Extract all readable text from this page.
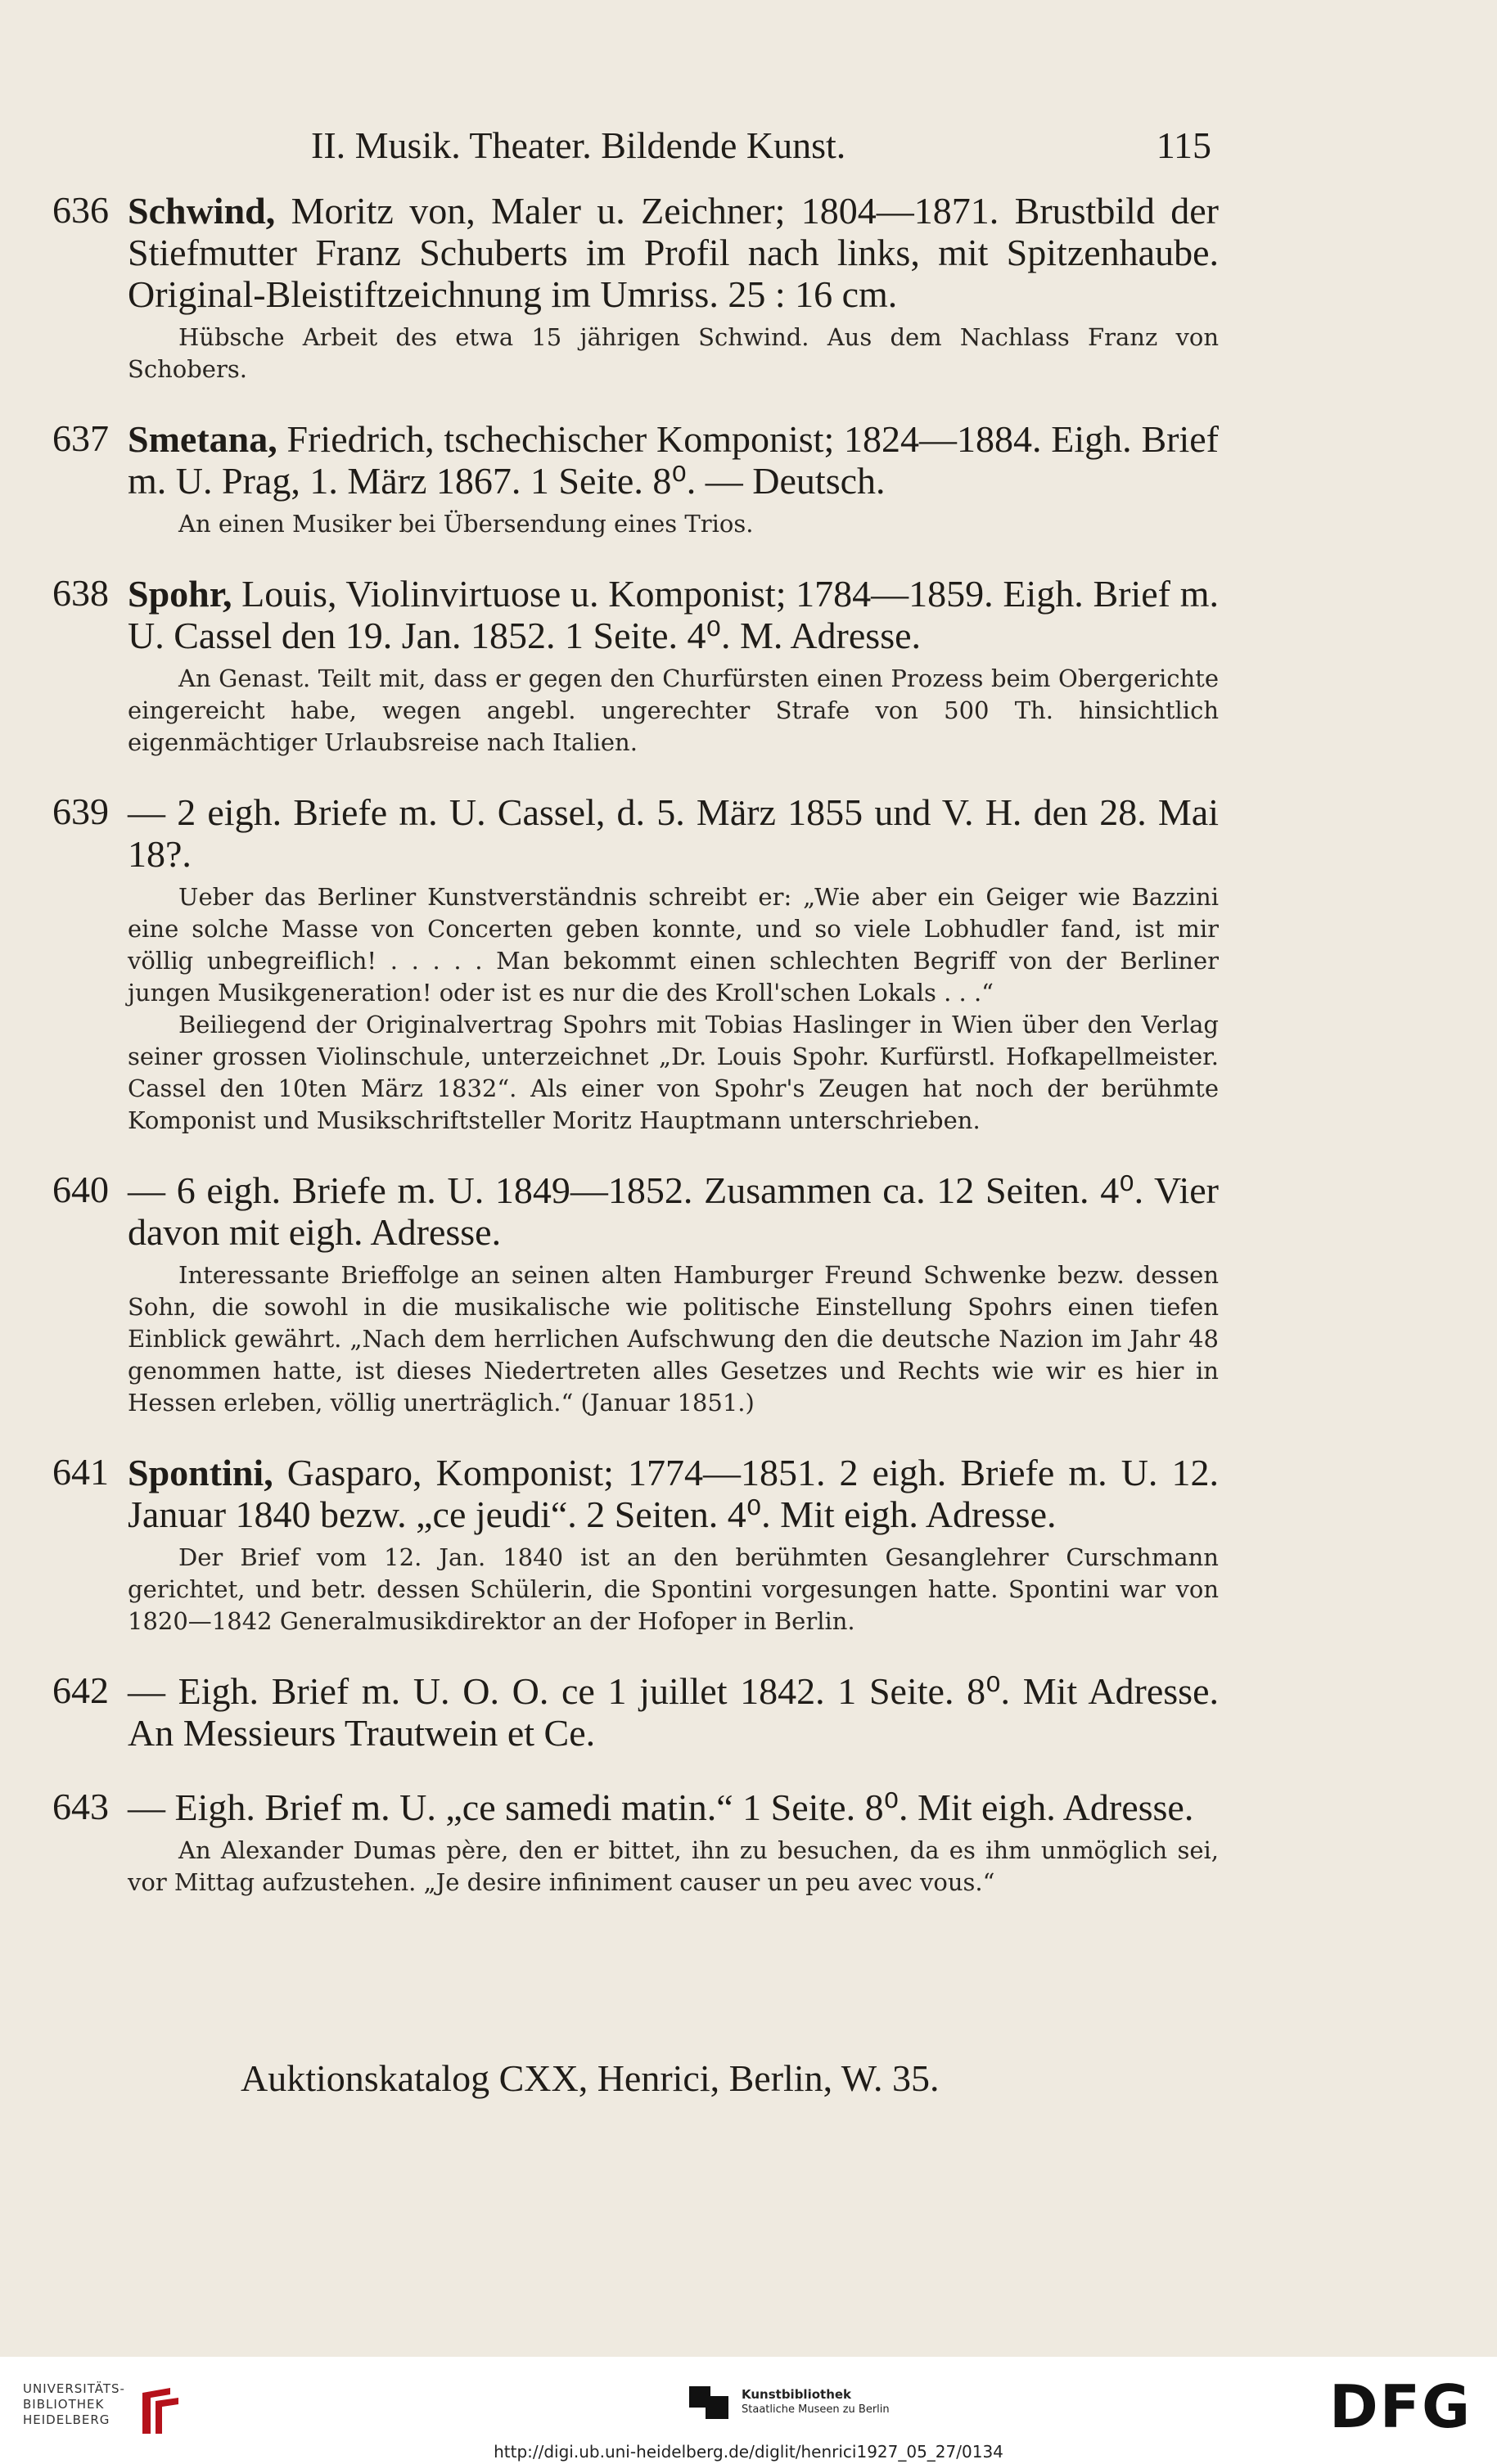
II. Musik. Theater. Bildende Kunst.	115
636 Schwind, Moritz von, Maler u. Zeichner; 1804—1871. Brustbild der Stiefmutter Franz Schuberts im Profil nach links, mit Spitzenhaube. Original-Bleistiftzeichnung im Umriss. 25 : 16 cm.
Hübsche Arbeit des etwa 15 jährigen Schwind. Aus dem Nachlass Franz von Schobers.
637 Smetana, Friedrich, tschechischer Komponist; 1824—1884. Eigh. Brief m. U. Prag, 1. März 1867. 1 Seite. 8⁰. — Deutsch.
An einen Musiker bei Übersendung eines Trios.
638 Spohr, Louis, Violinvirtuose u. Komponist; 1784—1859. Eigh. Brief m. U. Cassel den 19. Jan. 1852. 1 Seite. 4⁰. M. Adresse.
An Genast. Teilt mit, dass er gegen den Churfürsten einen Prozess beim Obergerichte eingereicht habe, wegen angebl. ungerechter Strafe von 500 Th. hinsichtlich eigenmächtiger Urlaubsreise nach Italien.
639 — 2 eigh. Briefe m. U. Cassel, d. 5. März 1855 und V. H. den 28. Mai 18?.
Ueber das Berliner Kunstverständnis schreibt er: „Wie aber ein Geiger wie Bazzini eine solche Masse von Concerten geben konnte, und so viele Lobhudler fand, ist mir völlig unbegreiflich! . . . . . Man bekommt einen schlechten Begriff von der Berliner jungen Musikgeneration! oder ist es nur die des Kroll'schen Lokals . . .“
Beiliegend der Originalvertrag Spohrs mit Tobias Haslinger in Wien über den Verlag seiner grossen Violinschule, unterzeichnet „Dr. Louis Spohr. Kurfürstl. Hofkapellmeister. Cassel den 10ten März 1832“. Als einer von Spohr's Zeugen hat noch der berühmte Komponist und Musikschriftsteller Moritz Hauptmann unterschrieben.
640 — 6 eigh. Briefe m. U. 1849—1852. Zusammen ca. 12 Seiten. 4⁰. Vier davon mit eigh. Adresse.
Interessante Brieffolge an seinen alten Hamburger Freund Schwenke bezw. dessen Sohn, die sowohl in die musikalische wie politische Einstellung Spohrs einen tiefen Einblick gewährt. „Nach dem herrlichen Aufschwung den die deutsche Nazion im Jahr 48 genommen hatte, ist dieses Niedertreten alles Gesetzes und Rechts wie wir es hier in Hessen erleben, völlig unerträglich.“ (Januar 1851.)
641 Spontini, Gasparo, Komponist; 1774—1851. 2 eigh. Briefe m. U. 12. Januar 1840 bezw. „ce jeudi“. 2 Seiten. 4⁰. Mit eigh. Adresse.
Der Brief vom 12. Jan. 1840 ist an den berühmten Gesanglehrer Curschmann gerichtet, und betr. dessen Schülerin, die Spontini vorgesungen hatte. Spontini war von 1820—1842 Generalmusikdirektor an der Hofoper in Berlin.
642 — Eigh. Brief m. U. O. O. ce 1 juillet 1842. 1 Seite. 8⁰. Mit Adresse. An Messieurs Trautwein et Ce.
643 — Eigh. Brief m. U. „ce samedi matin.“ 1 Seite. 8⁰. Mit eigh. Adresse.
An Alexander Dumas père, den er bittet, ihn zu besuchen, da es ihm unmöglich sei, vor Mittag aufzustehen. „Je desire infiniment causer un peu avec vous.“
Auktionskatalog CXX, Henrici, Berlin, W. 35.
UNIVERSITÄTS-
BIBLIOTHEK
HEIDELBERG
Kunstbibliothek
Staatliche Museen zu Berlin	DFG
http://digi.ub.uni-heidelberg.de/diglit/henrici1927_05_27/0134
